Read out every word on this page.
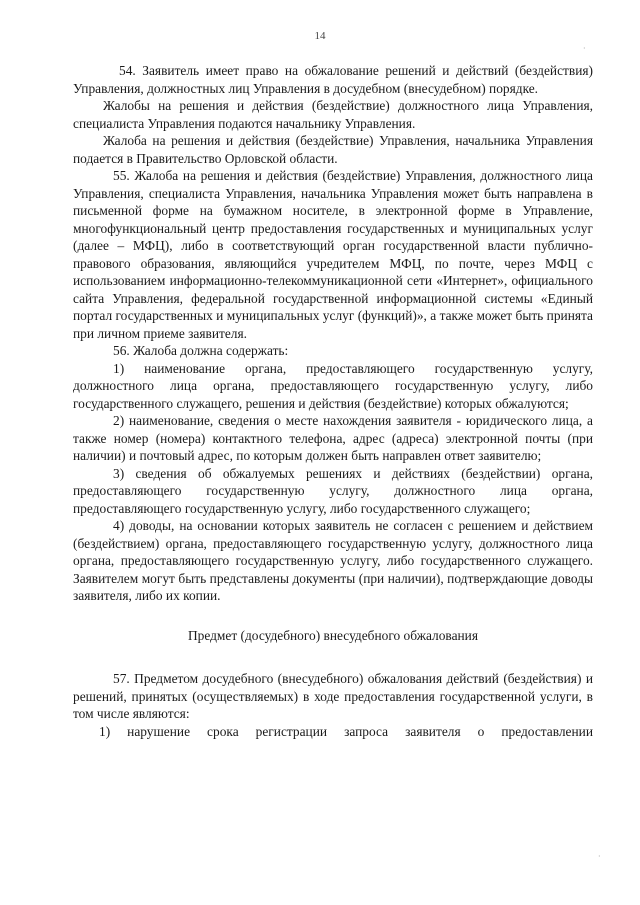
14

54. Заявитель имеет право на обжалование решений и действий (бездействия) Управления, должностных лиц Управления в досудебном (внесудебном) порядке.

Жалобы на решения и действия (бездействие) должностного лица Управления, специалиста Управления подаются начальнику Управления.

Жалоба на решения и действия (бездействие) Управления, начальника Управления подается в Правительство Орловской области.

55. Жалоба на решения и действия (бездействие) Управления, должностного лица Управления, специалиста Управления, начальника Управления может быть направлена в письменной форме на бумажном носителе, в электронной форме в Управление, многофункциональный центр предоставления государственных и муниципальных услуг (далее – МФЦ), либо в соответствующий орган государственной власти публично-правового образования, являющийся учредителем МФЦ, по почте, через МФЦ с использованием информационно-телекоммуникационной сети «Интернет», официального сайта Управления, федеральной государственной информационной системы «Единый портал государственных и муниципальных услуг (функций)», а также может быть принята при личном приеме заявителя.

56. Жалоба должна содержать:

1) наименование органа, предоставляющего государственную услугу, должностного лица органа, предоставляющего государственную услугу, либо государственного служащего, решения и действия (бездействие) которых обжалуются;

2) наименование, сведения о месте нахождения заявителя - юридического лица, а также номер (номера) контактного телефона, адрес (адреса) электронной почты (при наличии) и почтовый адрес, по которым должен быть направлен ответ заявителю;

3) сведения об обжалуемых решениях и действиях (бездействии) органа, предоставляющего государственную услугу, должностного лица органа, предоставляющего государственную услугу, либо государственного служащего;

4) доводы, на основании которых заявитель не согласен с решением и действием (бездействием) органа, предоставляющего государственную услугу, должностного лица органа, предоставляющего государственную услугу, либо государственного служащего. Заявителем могут быть представлены документы (при наличии), подтверждающие доводы заявителя, либо их копии.

Предмет (досудебного) внесудебного обжалования

57. Предметом досудебного (внесудебного) обжалования действий (бездействия) и решений, принятых (осуществляемых) в ходе предоставления государственной услуги, в том числе являются:

1) нарушение срока регистрации запроса заявителя о предоставлении

·
·
